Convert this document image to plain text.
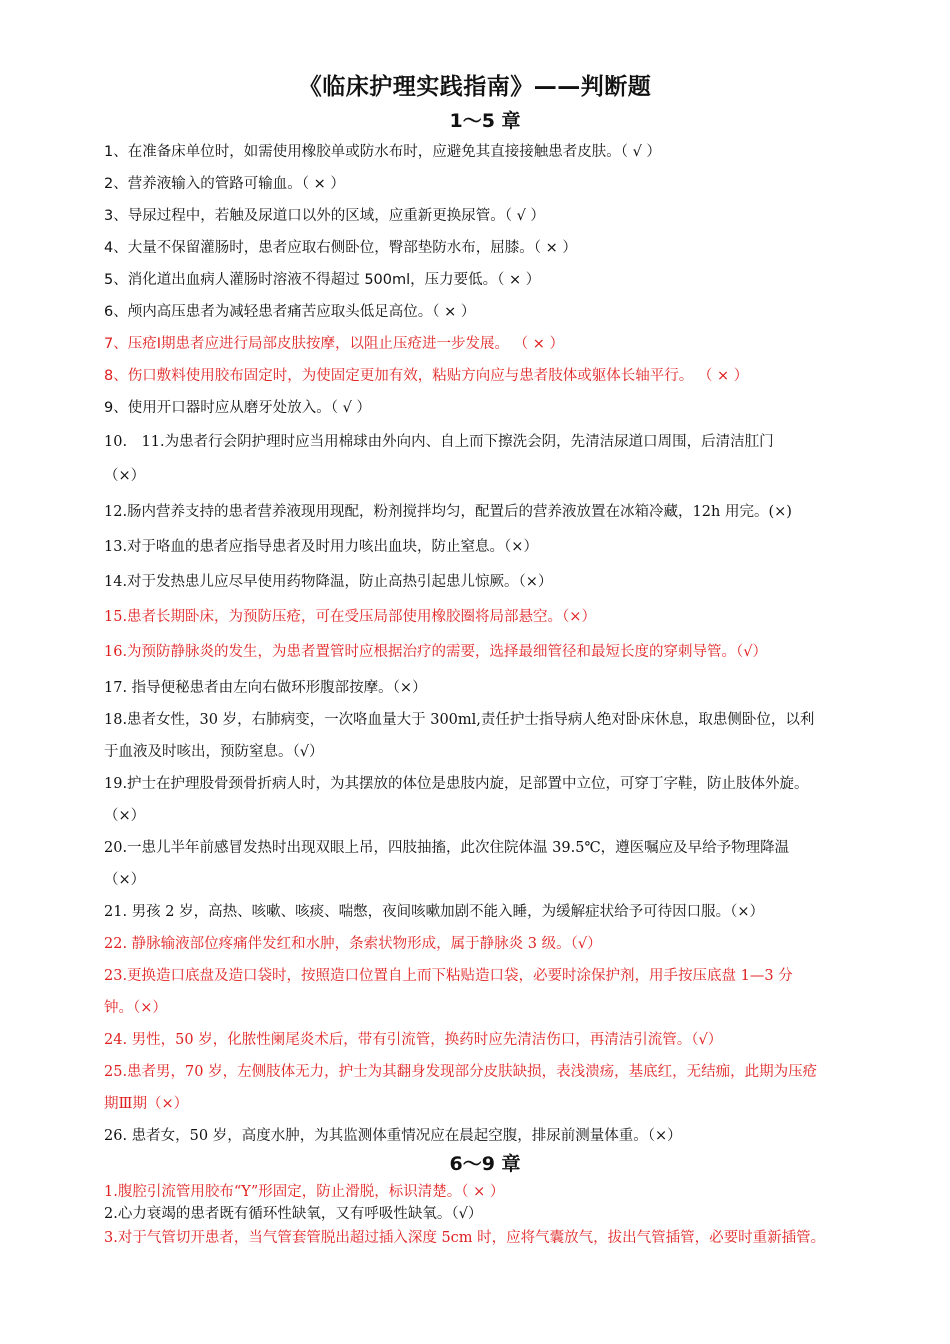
《临床护理实践指南》——判断题
1～5 章
1、在准备床单位时，如需使用橡胶单或防水布时，应避免其直接接触患者皮肤。（ √ ）
2、营养液输入的管路可输血。（ × ）
3、导尿过程中，若触及尿道口以外的区域，应重新更换尿管。（ √ ）
4、大量不保留灌肠时，患者应取右侧卧位，臀部垫防水布，屈膝。（ × ）
5、消化道出血病人灌肠时溶液不得超过 500ml，压力要低。（ × ）
6、颅内高压患者为减轻患者痛苦应取头低足高位。（ × ）
7、压疮Ⅰ期患者应进行局部皮肤按摩，以阻止压疮进一步发展。 （ × ）
8、伤口敷料使用胶布固定时，为使固定更加有效，粘贴方向应与患者肢体或躯体长轴平行。 （ × ）
9、使用开口器时应从磨牙处放入。（ √ ）
10.　11.为患者行会阴护理时应当用棉球由外向内、自上而下擦洗会阴，先清洁尿道口周围，后清洁肛门
（×）
12.肠内营养支持的患者营养液现用现配，粉剂搅拌均匀，配置后的营养液放置在冰箱冷藏，12h 用完。(×)
13.对于咯血的患者应指导患者及时用力咳出血块，防止窒息。（×）
14.对于发热患儿应尽早使用药物降温，防止高热引起患儿惊厥。（×）
15.患者长期卧床，为预防压疮，可在受压局部使用橡胶圈将局部悬空。（×）
16.为预防静脉炎的发生，为患者置管时应根据治疗的需要，选择最细管径和最短长度的穿刺导管。（√）
17. 指导便秘患者由左向右做环形腹部按摩。（×）
18.患者女性，30 岁，右肺病变，一次咯血量大于 300ml,责任护士指导病人绝对卧床休息，取患侧卧位，以利
于血液及时咳出，预防窒息。（√）
19.护士在护理股骨颈骨折病人时，为其摆放的体位是患肢内旋，足部置中立位，可穿丁字鞋，防止肢体外旋。
（×）
20.一患儿半年前感冒发热时出现双眼上吊，四肢抽搐，此次住院体温 39.5℃，遵医嘱应及早给予物理降温
（×）
21. 男孩 2 岁，高热、咳嗽、咳痰、喘憋，夜间咳嗽加剧不能入睡，为缓解症状给予可待因口服。（×）
22. 静脉输液部位疼痛伴发红和水肿，条索状物形成，属于静脉炎 3 级。（√）
23.更换造口底盘及造口袋时，按照造口位置自上而下粘贴造口袋，必要时涂保护剂，用手按压底盘 1—3 分
钟。（×）
24. 男性，50 岁，化脓性阑尾炎术后，带有引流管，换药时应先清洁伤口，再清洁引流管。（√）
25.患者男，70 岁，左侧肢体无力，护士为其翻身发现部分皮肤缺损，表浅溃疡，基底红，无结痂，此期为压疮
期Ⅲ期（×）
26. 患者女，50 岁，高度水肿，为其监测体重情况应在晨起空腹，排尿前测量体重。（×）
6～9 章
1.腹腔引流管用胶布“Y”形固定，防止滑脱，标识清楚。（ × ）
2.心力衰竭的患者既有循环性缺氧，又有呼吸性缺氧。（√）
3.对于气管切开患者，当气管套管脱出超过插入深度 5cm 时，应将气囊放气，拔出气管插管，必要时重新插管。
